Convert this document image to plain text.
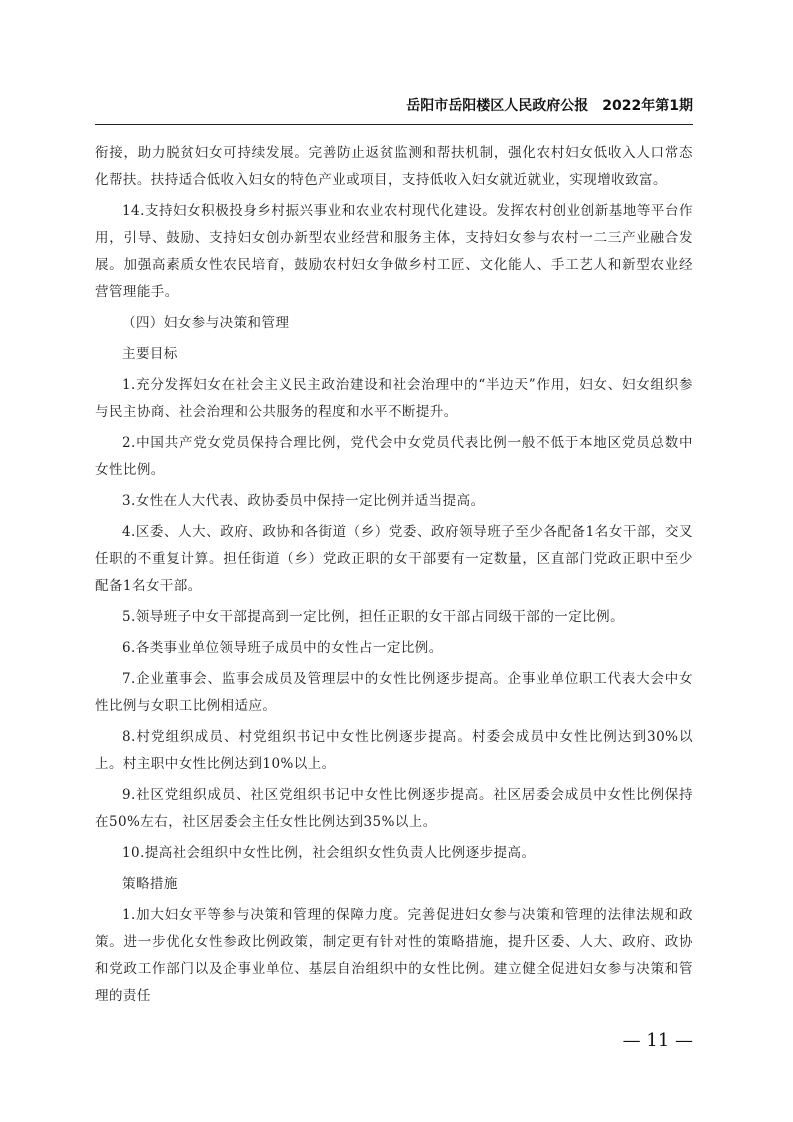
岳阳市岳阳楼区人民政府公报　2022年第1期

衔接，助力脱贫妇女可持续发展。完善防止返贫监测和帮扶机制，强化农村妇女低收入人口常态化帮扶。扶持适合低收入妇女的特色产业或项目，支持低收入妇女就近就业，实现增收致富。

14.支持妇女积极投身乡村振兴事业和农业农村现代化建设。发挥农村创业创新基地等平台作用，引导、鼓励、支持妇女创办新型农业经营和服务主体，支持妇女参与农村一二三产业融合发展。加强高素质女性农民培育，鼓励农村妇女争做乡村工匠、文化能人、手工艺人和新型农业经营管理能手。

（四）妇女参与决策和管理

主要目标

1.充分发挥妇女在社会主义民主政治建设和社会治理中的“半边天”作用，妇女、妇女组织参与民主协商、社会治理和公共服务的程度和水平不断提升。

2.中国共产党女党员保持合理比例，党代会中女党员代表比例一般不低于本地区党员总数中女性比例。

3.女性在人大代表、政协委员中保持一定比例并适当提高。

4.区委、人大、政府、政协和各街道（乡）党委、政府领导班子至少各配备1名女干部，交叉任职的不重复计算。担任街道（乡）党政正职的女干部要有一定数量，区直部门党政正职中至少配备1名女干部。

5.领导班子中女干部提高到一定比例，担任正职的女干部占同级干部的一定比例。

6.各类事业单位领导班子成员中的女性占一定比例。

7.企业董事会、监事会成员及管理层中的女性比例逐步提高。企事业单位职工代表大会中女性比例与女职工比例相适应。

8.村党组织成员、村党组织书记中女性比例逐步提高。村委会成员中女性比例达到30%以上。村主职中女性比例达到10%以上。

9.社区党组织成员、社区党组织书记中女性比例逐步提高。社区居委会成员中女性比例保持在50%左右，社区居委会主任女性比例达到35%以上。

10.提高社会组织中女性比例，社会组织女性负责人比例逐步提高。

策略措施

1.加大妇女平等参与决策和管理的保障力度。完善促进妇女参与决策和管理的法律法规和政策。进一步优化女性参政比例政策，制定更有针对性的策略措施，提升区委、人大、政府、政协和党政工作部门以及企事业单位、基层自治组织中的女性比例。建立健全促进妇女参与决策和管理的责任

— 11 —
